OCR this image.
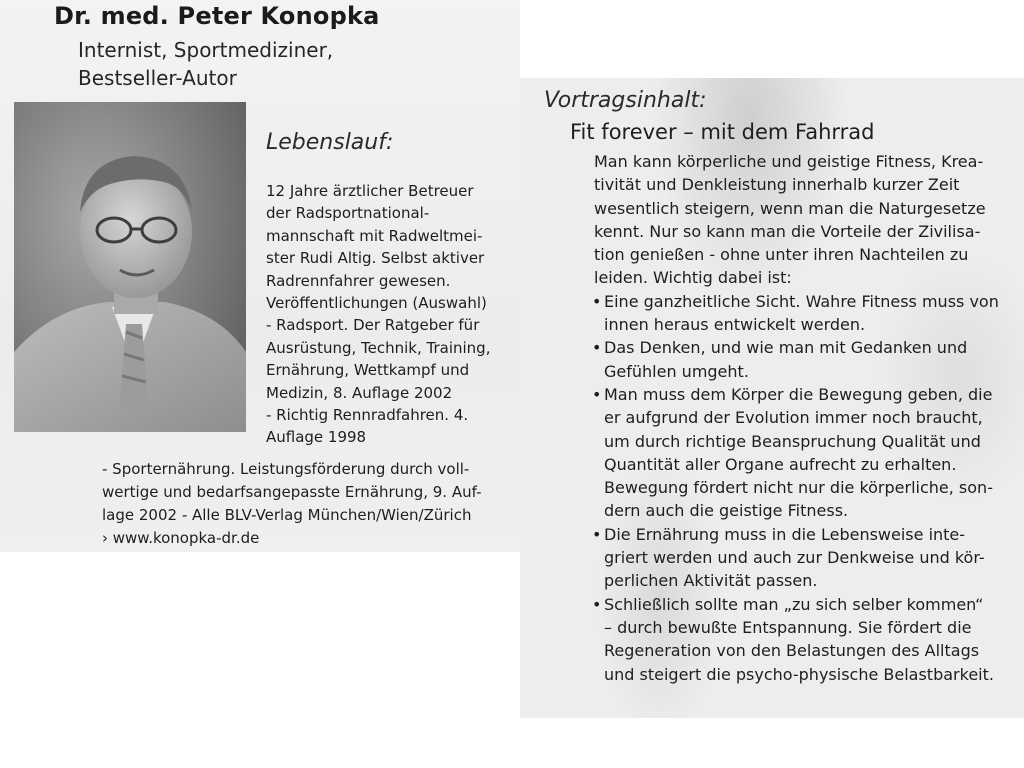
Dr. med. Peter Konopka
Internist, Sportmediziner,
Bestseller-Autor
Lebenslauf:
12 Jahre ärztlicher Betreuer
der Radsportnational-
mannschaft mit Radweltmei-
ster Rudi Altig. Selbst aktiver
Radrennfahrer gewesen.
Veröffentlichungen (Auswahl)
- Radsport. Der Ratgeber für
Ausrüstung, Technik, Training,
Ernährung, Wettkampf und
Medizin, 8. Auflage 2002
- Richtig Rennradfahren. 4.
Auflage 1998
- Sporternährung. Leistungsförderung durch voll-
wertige und bedarfsangepasste Ernährung, 9. Auf-
lage 2002 - Alle BLV-Verlag München/Wien/Zürich
› www.konopka-dr.de
Vortragsinhalt:
Fit forever – mit dem Fahrrad
Man kann körperliche und geistige Fitness, Krea-
tivität und Denkleistung innerhalb kurzer Zeit
wesentlich steigern, wenn man die Naturgesetze
kennt. Nur so kann man die Vorteile der Zivilisa-
tion genießen - ohne unter ihren Nachteilen zu
leiden. Wichtig dabei ist:
• Eine ganzheitliche Sicht. Wahre Fitness muss von
innen heraus entwickelt werden.
• Das Denken, und wie man mit Gedanken und
Gefühlen umgeht.
• Man muss dem Körper die Bewegung geben, die
er aufgrund der Evolution immer noch braucht,
um durch richtige Beanspruchung Qualität und
Quantität aller Organe aufrecht zu erhalten.
Bewegung fördert nicht nur die körperliche, son-
dern auch die geistige Fitness.
• Die Ernährung muss in die Lebensweise inte-
griert werden und auch zur Denkweise und kör-
perlichen Aktivität passen.
• Schließlich sollte man „zu sich selber kommen“
– durch bewußte Entspannung. Sie fördert die
Regeneration von den Belastungen des Alltags
und steigert die psycho-physische Belastbarkeit.
